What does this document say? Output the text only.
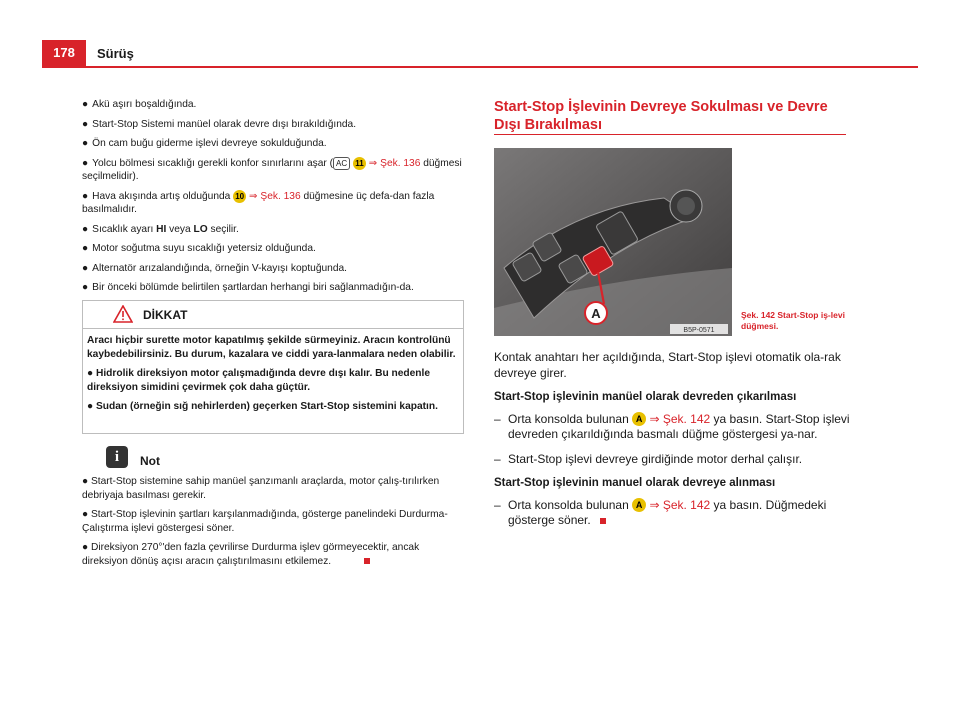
178	Sürüş
● Akü aşırı boşaldığında.
● Start-Stop Sistemi manüel olarak devre dışı bırakıldığında.
● Ön cam buğu giderme işlevi devreye sokulduğunda.
● Yolcu bölmesi sıcaklığı gerekli konfor sınırlarını aşar ( AC 11 ⇒ Şek. 136 düğmesi seçilmelidir).
● Hava akışında artış olduğunda 10 ⇒ Şek. 136 düğmesine üç defa-dan fazla basılmalıdır.
● Sıcaklık ayarı HI veya LO seçilir.
● Motor soğutma suyu sıcaklığı yetersiz olduğunda.
● Alternatör arızalandığında, örneğin V-kayışı koptuğunda.
● Bir önceki bölümde belirtilen şartlardan herhangi biri sağlanmadığın-da.
DİKKAT

Aracı hiçbir surette motor kapatılmış şekilde sürmeyiniz. Aracın kontrolünü kaybedebilirsiniz. Bu durum, kazalara ve ciddi yara-lanmalara neden olabilir.

● Hidrolik direksiyon motor çalışmadığında devre dışı kalır. Bu nedenle direksiyon simidini çevirmek çok daha güçtür.

● Sudan (örneğin sığ nehirlerden) geçerken Start-Stop sistemini kapatın.

i	Not

● Start-Stop sistemine sahip manüel şanzımanlı araçlarda, motor çalış-tırılırken debriyaja basılması gerekir.

● Start-Stop işlevinin şartları karşılanmadığında, gösterge panelindeki Durdurma-Çalıştırma işlevi göstergesi söner.

● Direksiyon 270°'den fazla çevrilirse Durdurma işlev görmeyecektir, ancak direksiyon dönüş açısı aracın çalıştırılmasını etkilemez.

Start-Stop İşlevinin Devreye Sokulması ve Devre Dışı Bırakılması
A
B5P-0571
Şek. 142 Start-Stop iş-levi düğmesi.

Kontak anahtarı her açıldığında, Start-Stop işlevi otomatik ola-rak devreye girer.

Start-Stop işlevinin manüel olarak devreden çıkarılması
– Orta konsolda bulunan A ⇒ Şek. 142 ya basın. Start-Stop işlevi devreden çıkarıldığında basmalı düğme göstergesi ya-nar.
– Start-Stop işlevi devreye girdiğinde motor derhal çalışır.
Start-Stop işlevinin manuel olarak devreye alınması
– Orta konsolda bulunan A ⇒ Şek. 142 ya basın. Düğmedeki gösterge söner.
